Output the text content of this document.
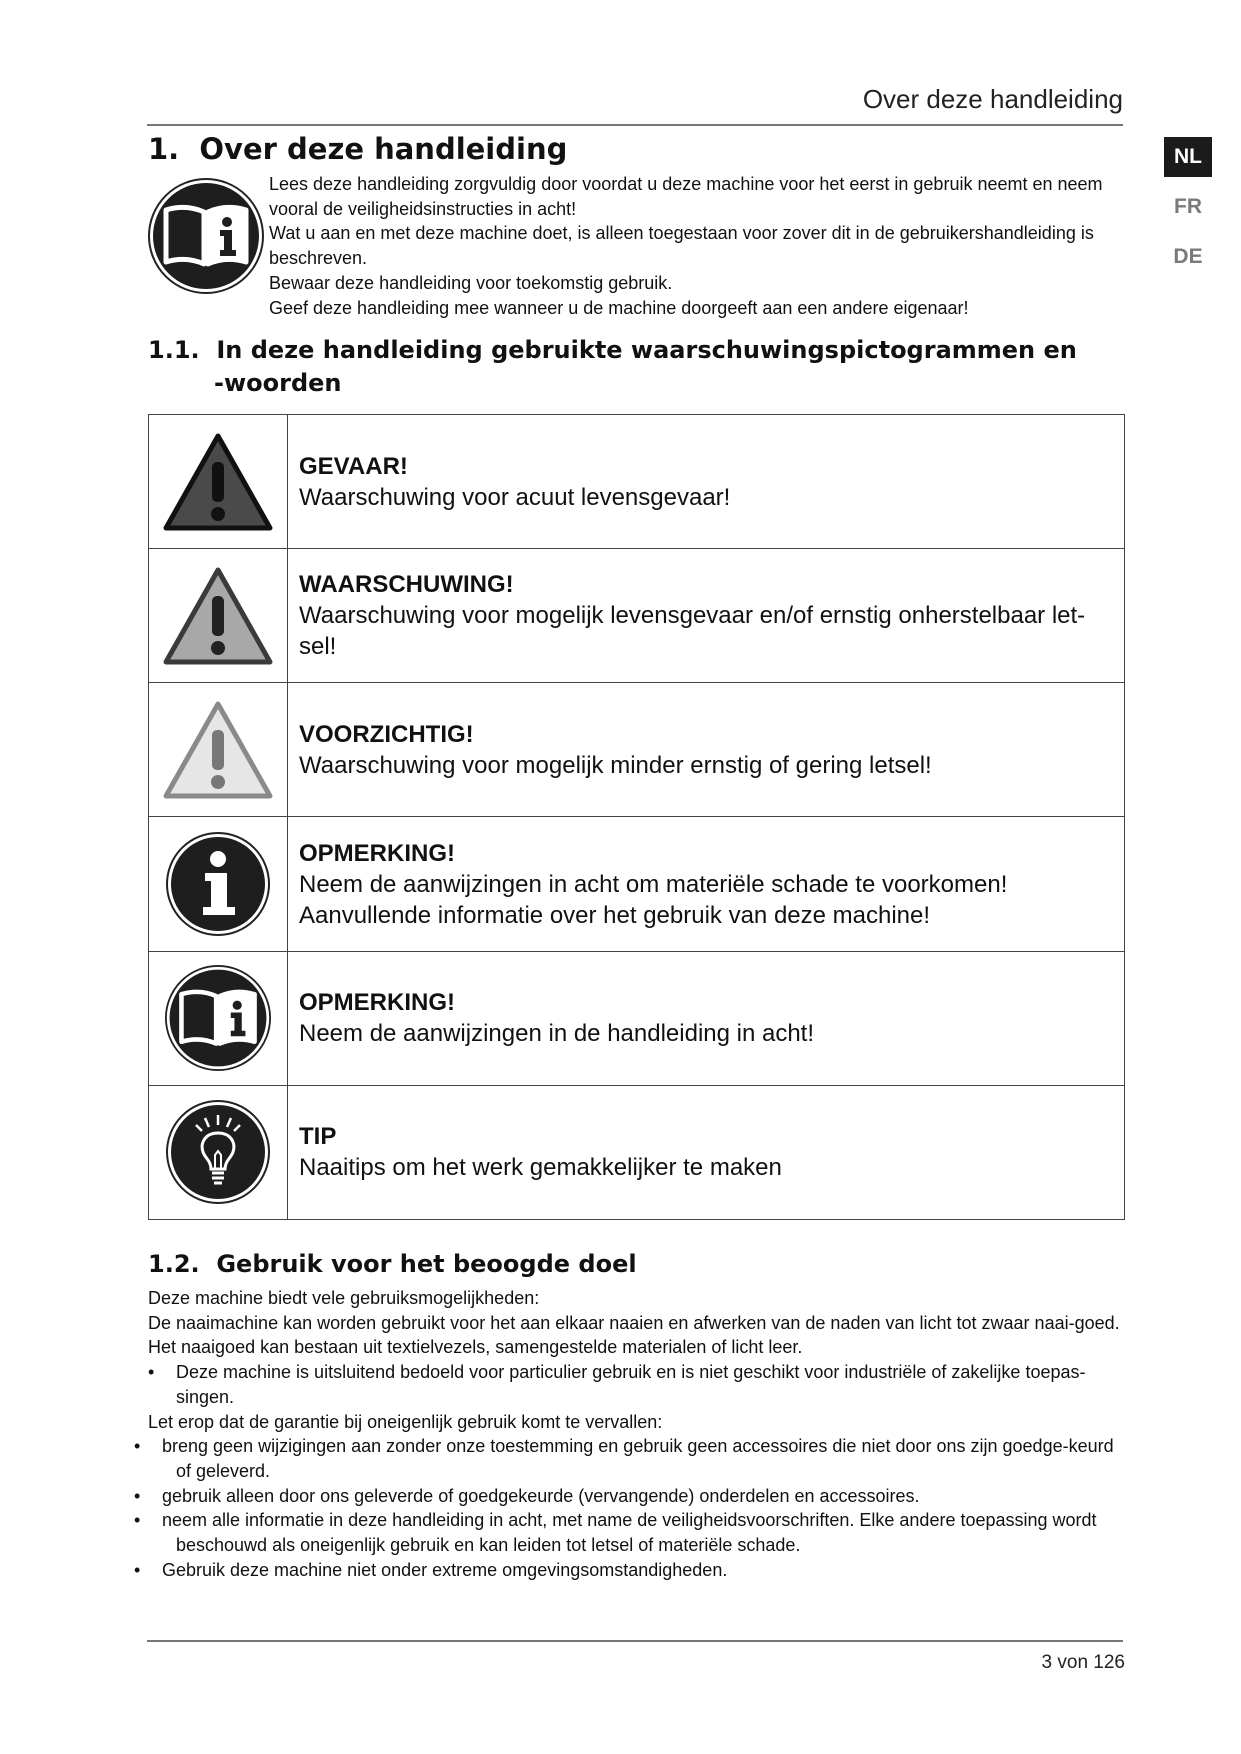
Over deze handleiding
NL
FR
DE
1.  Over deze handleiding

Lees deze handleiding zorgvuldig door voordat u deze machine voor het eerst in gebruik neemt en neem vooral de veiligheidsinstructies in acht!

Wat u aan en met deze machine doet, is alleen toegestaan voor zover dit in de gebruikershandleiding is beschreven.

Bewaar deze handleiding voor toekomstig gebruik.

Geef deze handleiding mee wanneer u de machine doorgeeft aan een andere eigenaar!

1.1.  In deze handleiding gebruikte waarschuwingspictogrammen en
-woorden

GEVAAR!
Waarschuwing voor acuut levensgevaar!

WAARSCHUWING!
Waarschuwing voor mogelijk levensgevaar en/of ernstig onherstelbaar let-sel!

VOORZICHTIG!
Waarschuwing voor mogelijk minder ernstig of gering letsel!

OPMERKING!
Neem de aanwijzingen in acht om materiële schade te voorkomen!
Aanvullende informatie over het gebruik van deze machine!

OPMERKING!
Neem de aanwijzingen in de handleiding in acht!

TIP
Naaitips om het werk gemakkelijker te maken
1.2.  Gebruik voor het beoogde doel

Deze machine biedt vele gebruiksmogelijkheden:

De naaimachine kan worden gebruikt voor het aan elkaar naaien en afwerken van de naden van licht tot zwaar naai-goed.

Het naaigoed kan bestaan uit textielvezels, samengestelde materialen of licht leer.

• Deze machine is uitsluitend bedoeld voor particulier gebruik en is niet geschikt voor industriële of zakelijke toepas-singen.

Let erop dat de garantie bij oneigenlijk gebruik komt te vervallen:

• breng geen wijzigingen aan zonder onze toestemming en gebruik geen accessoires die niet door ons zijn goedge-keurd of geleverd.
• gebruik alleen door ons geleverde of goedgekeurde (vervangende) onderdelen en accessoires.
• neem alle informatie in deze handleiding in acht, met name de veiligheidsvoorschriften. Elke andere toepassing wordt beschouwd als oneigenlijk gebruik en kan leiden tot letsel of materiële schade.
• Gebruik deze machine niet onder extreme omgevingsomstandigheden.
3 von 126
